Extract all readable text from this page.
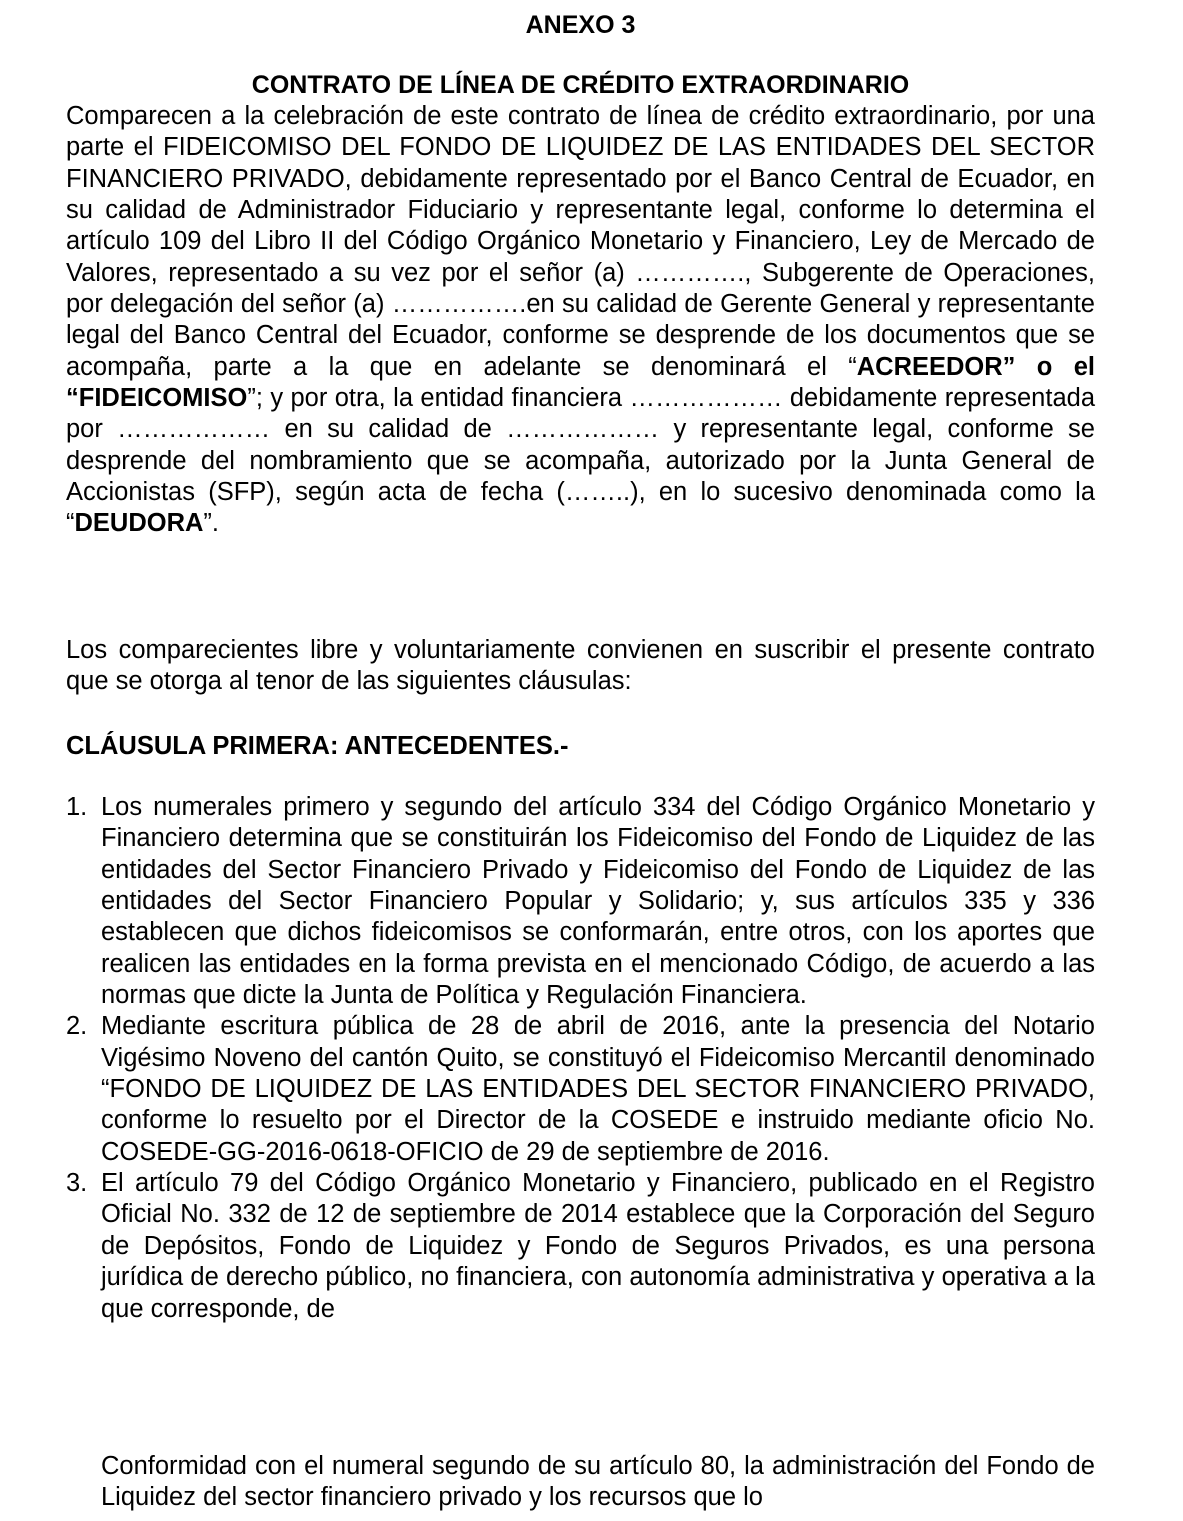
ANEXO 3
CONTRATO DE LÍNEA DE CRÉDITO EXTRAORDINARIO

Comparecen a la celebración de este contrato de línea de crédito extraordinario, por una parte el FIDEICOMISO DEL FONDO DE LIQUIDEZ DE LAS ENTIDADES DEL SECTOR FINANCIERO PRIVADO, debidamente representado por el Banco Central de Ecuador, en su calidad de Administrador Fiduciario y representante legal, conforme lo determina el artículo 109 del Libro II del Código Orgánico Monetario y Financiero, Ley de Mercado de Valores, representado a su vez por el señor (a) …………., Subgerente de Operaciones, por delegación del señor (a) …………….en su calidad de Gerente General y representante legal del Banco Central del Ecuador, conforme se desprende de los documentos que se acompaña, parte a la que en adelante se denominará el “ACREEDOR” o el “FIDEICOMISO”; y por otra, la entidad financiera ……………… debidamente representada por ……………… en su calidad de ……………… y representante legal, conforme se desprende del nombramiento que se acompaña, autorizado por la Junta General de Accionistas (SFP), según acta de fecha (……..), en lo sucesivo denominada como la “DEUDORA”.

Los comparecientes libre y voluntariamente convienen en suscribir el presente contrato que se otorga al tenor de las siguientes cláusulas:

CLÁUSULA PRIMERA: ANTECEDENTES.-
1. Los numerales primero y segundo del artículo 334 del Código Orgánico Monetario y Financiero determina que se constituirán los Fideicomiso del Fondo de Liquidez de las entidades del Sector Financiero Privado y Fideicomiso del Fondo de Liquidez de las entidades del Sector Financiero Popular y Solidario; y, sus artículos 335 y 336 establecen que dichos fideicomisos se conformarán, entre otros, con los aportes que realicen las entidades en la forma prevista en el mencionado Código, de acuerdo a las normas que dicte la Junta de Política y Regulación Financiera.
2. Mediante escritura pública de 28 de abril de 2016, ante la presencia del Notario Vigésimo Noveno del cantón Quito, se constituyó el Fideicomiso Mercantil denominado “FONDO DE LIQUIDEZ DE LAS ENTIDADES DEL SECTOR FINANCIERO PRIVADO, conforme lo resuelto por el Director de la COSEDE e instruido mediante oficio No. COSEDE-GG-2016-0618-OFICIO de 29 de septiembre de 2016.
3. El artículo 79 del Código Orgánico Monetario y Financiero, publicado en el Registro Oficial No. 332 de 12 de septiembre de 2014 establece que la Corporación del Seguro de Depósitos, Fondo de Liquidez y Fondo de Seguros Privados, es una persona jurídica de derecho público, no financiera, con autonomía administrativa y operativa a la que corresponde, de

Conformidad con el numeral segundo de su artículo 80, la administración del Fondo de Liquidez del sector financiero privado y los recursos que lo
